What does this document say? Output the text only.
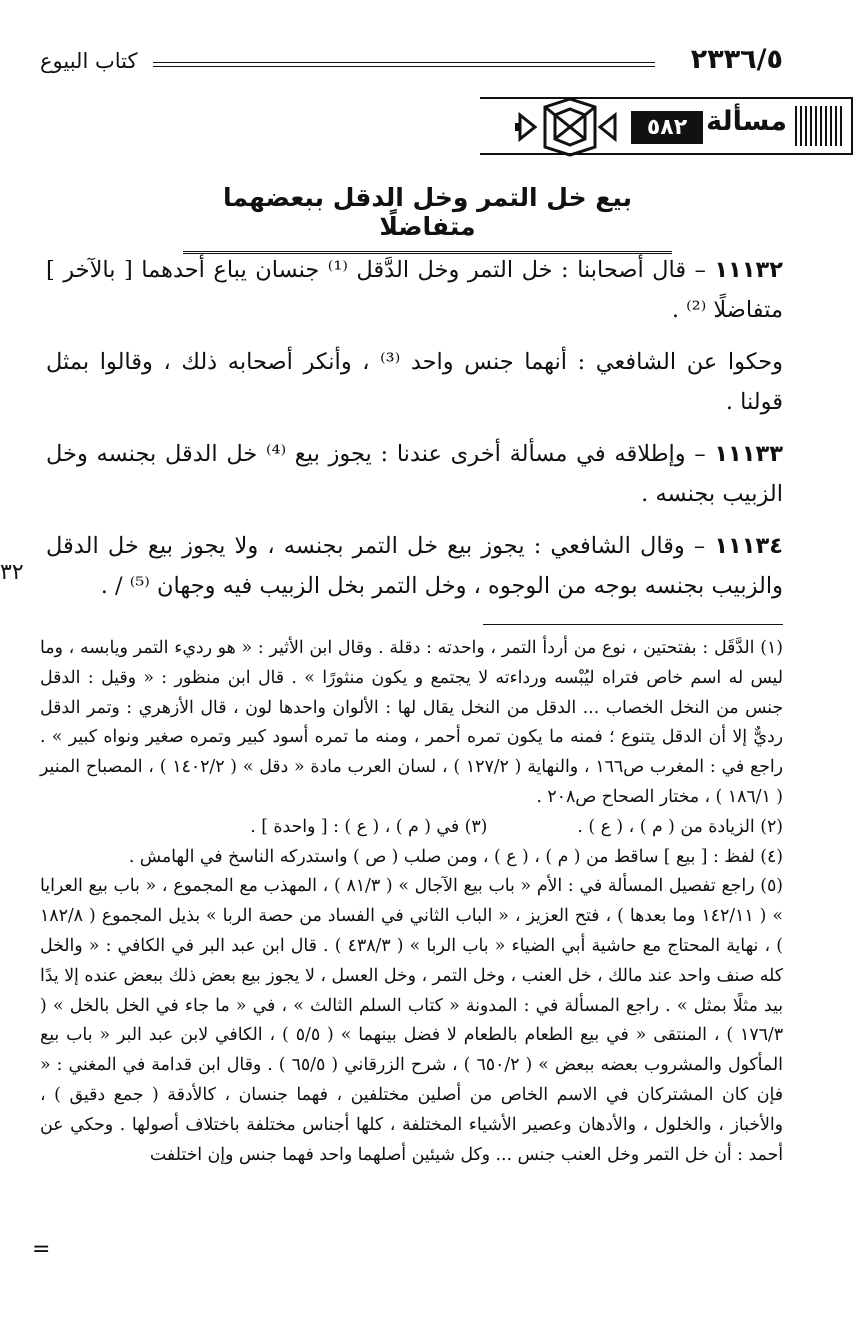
٢٣٣٦/٥
كتاب البيوع
مسألة
٥٨٢
بيع خل التمر وخل الدقل ببعضهما متفاضلًا

١١١٣٢ – قال أصحابنا : خل التمر وخل الدَّقل ⁽¹⁾ جنسان يباع أحدهما [ بالآخر ] متفاضلًا ⁽²⁾ .

وحكوا عن الشافعي : أنهما جنس واحد ⁽³⁾ ، وأنكر أصحابه ذلك ، وقالوا بمثل قولنا .

١١١٣٣ – وإطلاقه في مسألة أخرى عندنا : يجوز بيع ⁽⁴⁾ خل الدقل بجنسه وخل الزبيب بجنسه .

١١١٣٤ – وقال الشافعي : يجوز بيع خل التمر بجنسه ، ولا يجوز بيع خل الدقل والزبيب بجنسه بوجه من الوجوه ، وخل التمر بخل الزبيب فيه وجهان ⁽⁵⁾ / .

٣٢

(١) الدَّقَل : بفتحتين ، نوع من أردأ التمر ، واحدته : دقلة . وقال ابن الأثير : « هو رديء التمر ويابسه ، وما ليس له اسم خاص فتراه ليُبْسه ورداءته لا يجتمع و يكون منثورًا » . قال ابن منظور : « وقيل : الدقل جنس من النخل الخصاب ... الدقل من النخل يقال لها : الألوان واحدها لون ، قال الأزهري : وتمر الدقل رديٌّ إلا أن الدقل يتنوع ؛ فمنه ما يكون تمره أحمر ، ومنه ما تمره أسود كبير وتمره صغير ونواه كبير » . راجع في : المغرب ص١٦٦ ، والنهاية ( ١٢٧/٢ ) ، لسان العرب مادة « دقل » ( ١٤٠٢/٢ ) ، المصباح المنير ( ١٨٦/١ ) ، مختار الصحاح ص٢٠٨ .

(٢) الزيادة من ( م ) ، ( ع ) .
(٣) في ( م ) ، ( ع ) : [ واحدة ] .

(٤) لفظ : [ بيع ] ساقط من ( م ) ، ( ع ) ، ومن صلب ( ص ) واستدركه الناسخ في الهامش .

(٥) راجع تفصيل المسألة في : الأم « باب بيع الآجال » ( ٨١/٣ ) ، المهذب مع المجموع ، « باب بيع العرايا » ( ١٤٢/١١ وما بعدها ) ، فتح العزيز ، « الباب الثاني في الفساد من حصة الربا » بذيل المجموع ( ١٨٢/٨ ) ، نهاية المحتاج مع حاشية أبي الضياء « باب الربا » ( ٤٣٨/٣ ) . قال ابن عبد البر في الكافي : « والخل كله صنف واحد عند مالك ، خل العنب ، وخل التمر ، وخل العسل ، لا يجوز بيع بعض ذلك ببعض عنده إلا يدًا بيد مثلًا بمثل » . راجع المسألة في : المدونة « كتاب السلم الثالث » ، في « ما جاء في الخل بالخل » ( ١٧٦/٣ ) ، المنتقى « في بيع الطعام بالطعام لا فضل بينهما » ( ٥/٥ ) ، الكافي لابن عبد البر « باب بيع المأكول والمشروب بعضه ببعض » ( ٦٥٠/٢ ) ، شرح الزرقاني ( ٦٥/٥ ) . وقال ابن قدامة في المغني : « فإن كان المشتركان في الاسم الخاص من أصلين مختلفين ، فهما جنسان ، كالأدقة ( جمع دقيق ) ، والأخباز ، والخلول ، والأدهان وعصير الأشياء المختلفة ، كلها أجناس مختلفة باختلاف أصولها . وحكي عن أحمد : أن خل التمر وخل العنب جنس ... وكل شيئين أصلهما واحد فهما جنس وإن اختلفت

=
